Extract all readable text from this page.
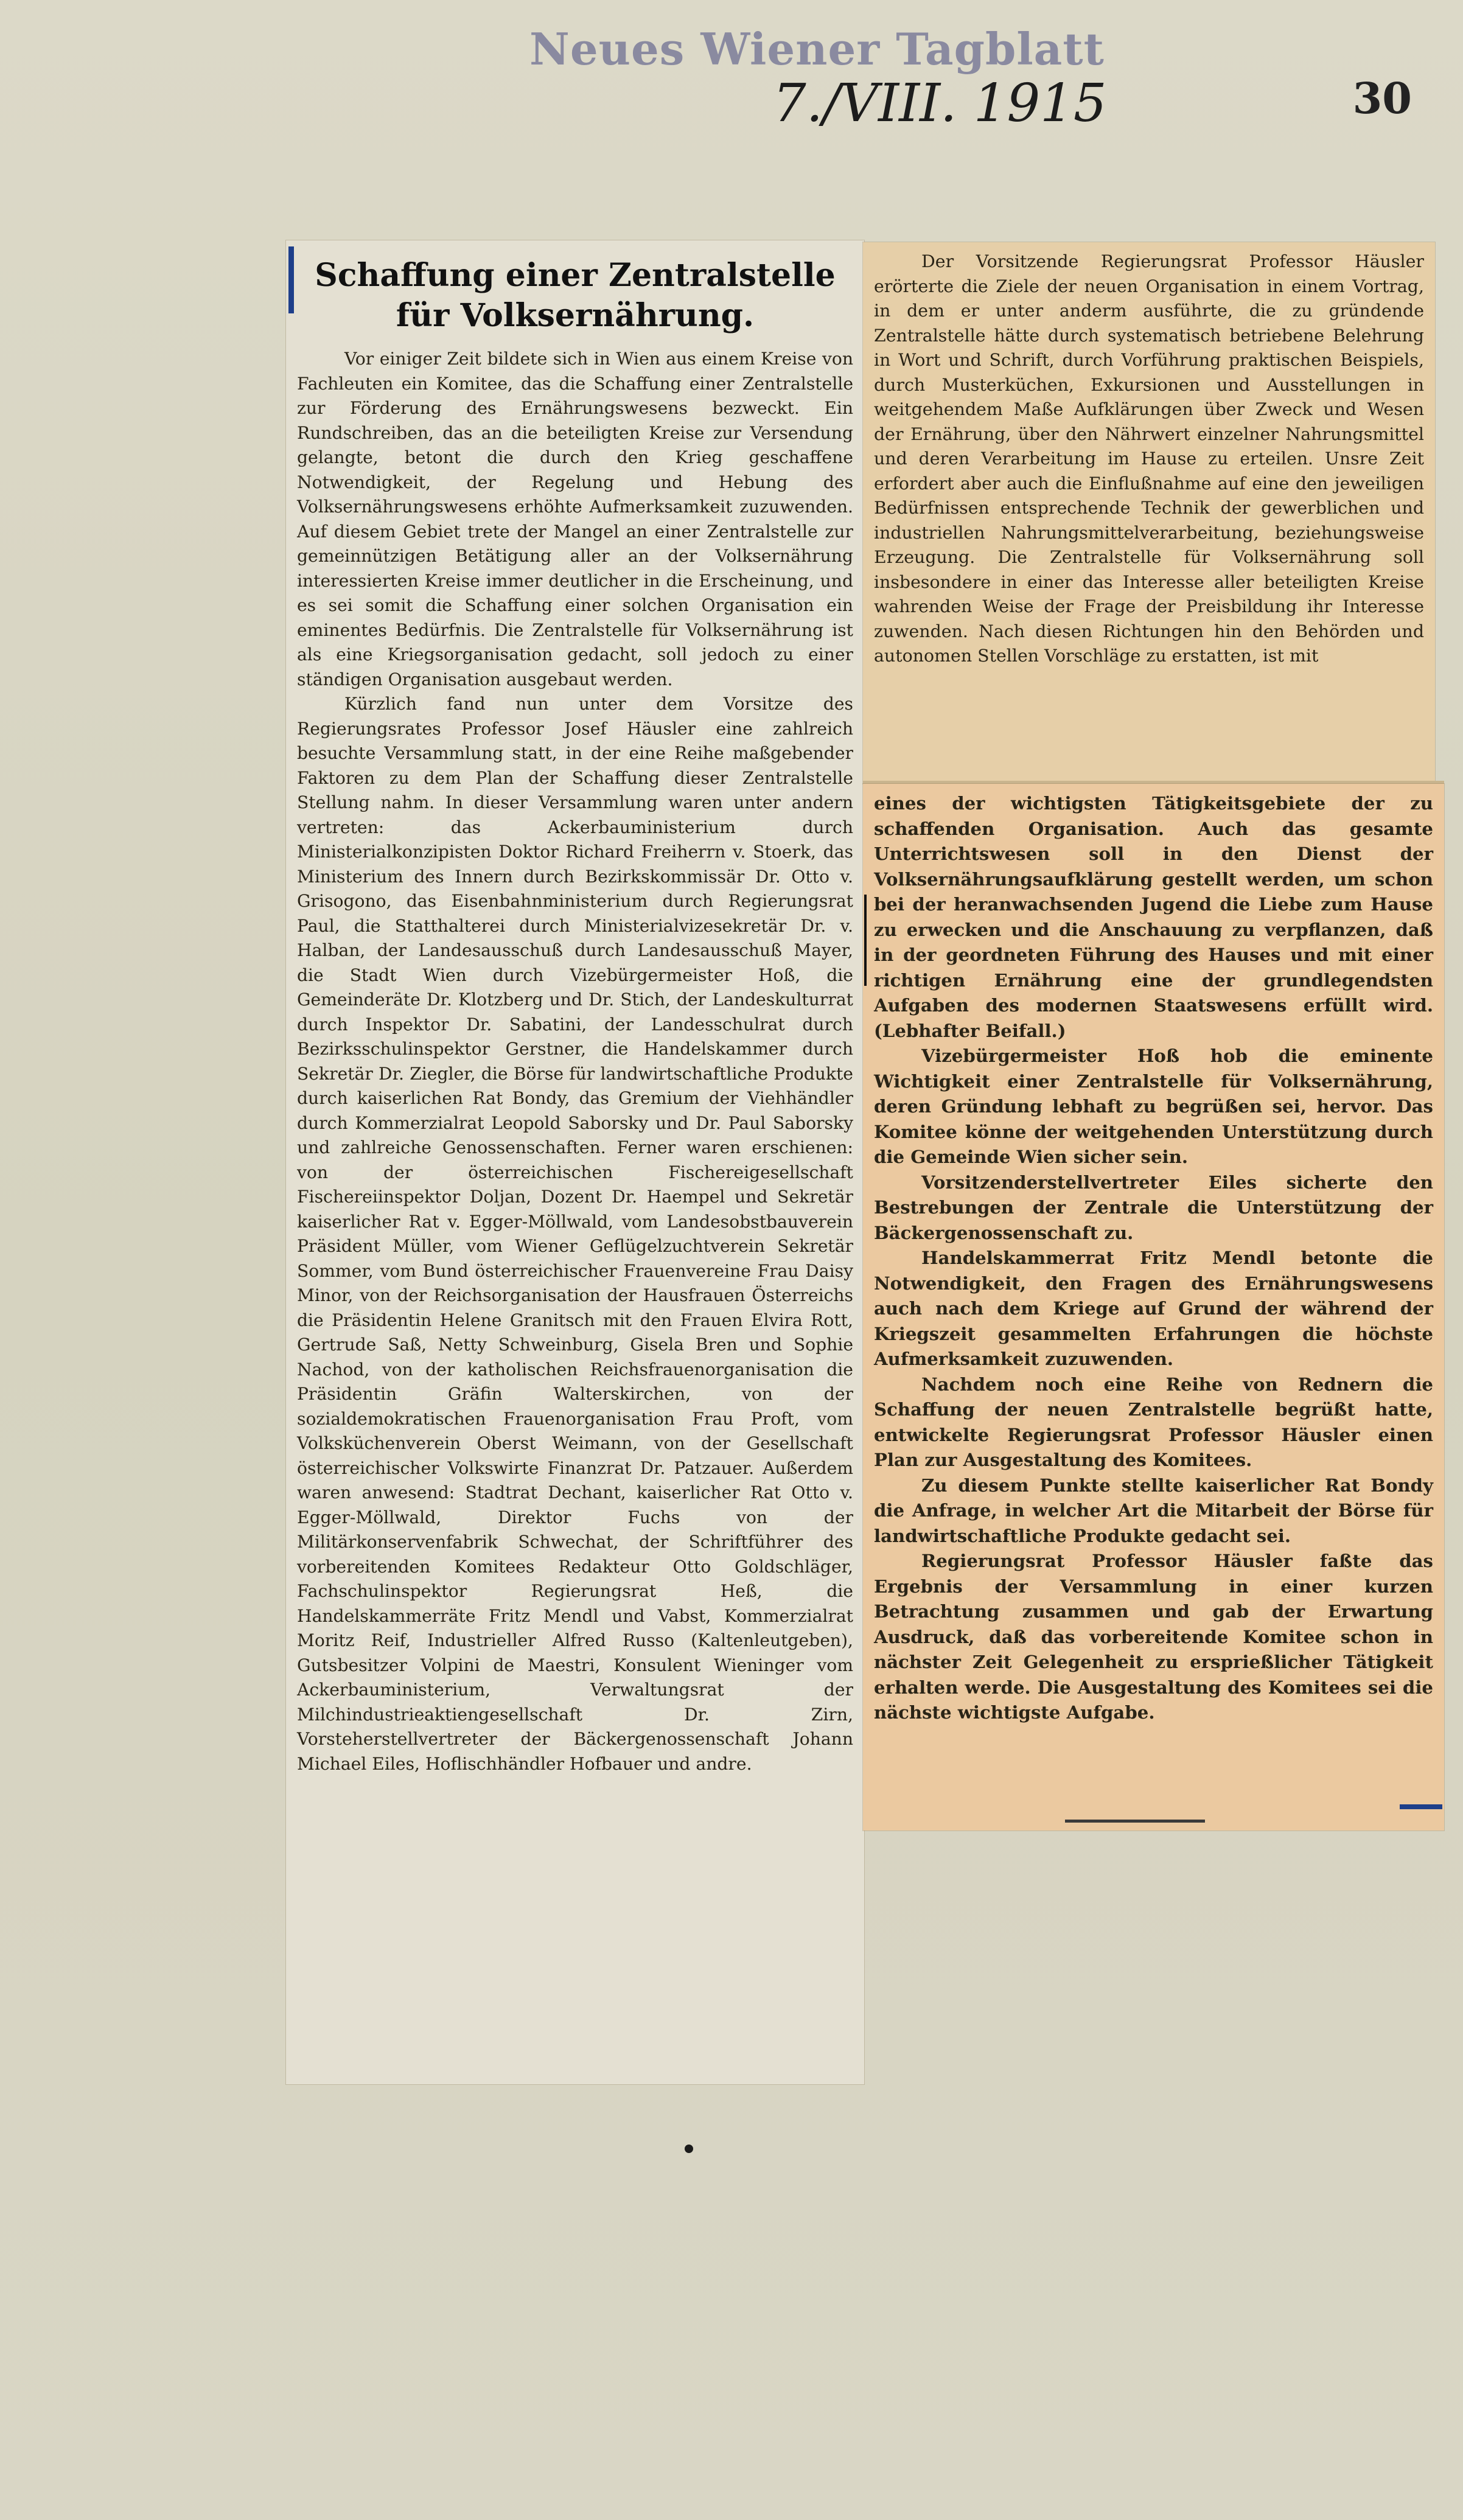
Neues Wiener Tagblatt
7./VIII. 1915	30
Schaffung einer Zentralstelle für Volksernährung.

Vor einiger Zeit bildete sich in Wien aus einem Kreise von Fachleuten ein Komitee, das die Schaffung einer Zentralstelle zur Förderung des Ernährungswesens bezweckt. Ein Rundschreiben, das an die beteiligten Kreise zur Versendung gelangte, betont die durch den Krieg geschaffene Notwendigkeit, der Regelung und Hebung des Volksernährungswesens erhöhte Aufmerksamkeit zuzuwenden. Auf diesem Gebiet trete der Mangel an einer Zentralstelle zur gemeinnützigen Betätigung aller an der Volksernährung interessierten Kreise immer deutlicher in die Erscheinung, und es sei somit die Schaffung einer solchen Organisation ein eminentes Bedürfnis. Die Zentralstelle für Volksernährung ist als eine Kriegsorganisation gedacht, soll jedoch zu einer ständigen Organisation ausgebaut werden.

Kürzlich fand nun unter dem Vorsitze des Regierungsrates Professor Josef Häusler eine zahlreich besuchte Versammlung statt, in der eine Reihe maßgebender Faktoren zu dem Plan der Schaffung dieser Zentralstelle Stellung nahm. In dieser Versammlung waren unter andern vertreten: das Ackerbauministerium durch Ministerialkonzipisten Doktor Richard Freiherrn v. Stoerk, das Ministerium des Innern durch Bezirkskommissär Dr. Otto v. Grisogono, das Eisenbahnministerium durch Regierungsrat Paul, die Statthalterei durch Ministerialvizesekretär Dr. v. Halban, der Landesausschuß durch Landesausschuß Mayer, die Stadt Wien durch Vizebürgermeister Hoß, die Gemeinderäte Dr. Klotzberg und Dr. Stich, der Landeskulturrat durch Inspektor Dr. Sabatini, der Landesschulrat durch Bezirksschulinspektor Gerstner, die Handelskammer durch Sekretär Dr. Ziegler, die Börse für landwirtschaftliche Produkte durch kaiserlichen Rat Bondy, das Gremium der Viehhändler durch Kommerzialrat Leopold Saborsky und Dr. Paul Saborsky und zahlreiche Genossenschaften. Ferner waren erschienen: von der österreichischen Fischereigesellschaft Fischereiinspektor Doljan, Dozent Dr. Haempel und Sekretär kaiserlicher Rat v. Egger-Möllwald, vom Landesobstbauverein Präsident Müller, vom Wiener Geflügelzuchtverein Sekretär Sommer, vom Bund österreichischer Frauenvereine Frau Daisy Minor, von der Reichsorganisation der Hausfrauen Österreichs die Präsidentin Helene Granitsch mit den Frauen Elvira Rott, Gertrude Saß, Netty Schweinburg, Gisela Bren und Sophie Nachod, von der katholischen Reichsfrauenorganisation die Präsidentin Gräfin Walterskirchen, von der sozialdemokratischen Frauenorganisation Frau Proft, vom Volksküchenverein Oberst Weimann, von der Gesellschaft österreichischer Volkswirte Finanzrat Dr. Patzauer. Außerdem waren anwesend: Stadtrat Dechant, kaiserlicher Rat Otto v. Egger-Möllwald, Direktor Fuchs von der Militärkonservenfabrik Schwechat, der Schriftführer des vorbereitenden Komitees Redakteur Otto Goldschläger, Fachschulinspektor Regierungsrat Heß, die Handelskammerräte Fritz Mendl und Vabst, Kommerzialrat Moritz Reif, Industrieller Alfred Russo (Kaltenleutgeben), Gutsbesitzer Volpini de Maestri, Konsulent Wieninger vom Ackerbauministerium, Verwaltungsrat der Milchindustrieaktiengesellschaft Dr. Zirn, Vorsteherstellvertreter der Bäckergenossenschaft Johann Michael Eiles, Hoflischhändler Hofbauer und andre.

Der Vorsitzende Regierungsrat Professor Häusler erörterte die Ziele der neuen Organisation in einem Vortrag, in dem er unter anderm ausführte, die zu gründende Zentralstelle hätte durch systematisch betriebene Belehrung in Wort und Schrift, durch Vorführung praktischen Beispiels, durch Musterküchen, Exkursionen und Ausstellungen in weitgehendem Maße Aufklärungen über Zweck und Wesen der Ernährung, über den Nährwert einzelner Nahrungsmittel und deren Verarbeitung im Hause zu erteilen. Unsre Zeit erfordert aber auch die Einflußnahme auf eine den jeweiligen Bedürfnissen entsprechende Technik der gewerblichen und industriellen Nahrungsmittelverarbeitung, beziehungsweise Erzeugung. Die Zentralstelle für Volksernährung soll insbesondere in einer das Interesse aller beteiligten Kreise wahrenden Weise der Frage der Preisbildung ihr Interesse zuwenden. Nach diesen Richtungen hin den Behörden und autonomen Stellen Vorschläge zu erstatten, ist mit

eines der wichtigsten Tätigkeitsgebiete der zu schaffenden Organisation. Auch das gesamte Unterrichtswesen soll in den Dienst der Volksernährungsaufklärung gestellt werden, um schon bei der heranwachsenden Jugend die Liebe zum Hause zu erwecken und die Anschauung zu verpflanzen, daß in der geordneten Führung des Hauses und mit einer richtigen Ernährung eine der grundlegendsten Aufgaben des modernen Staatswesens erfüllt wird. (Lebhafter Beifall.)

Vizebürgermeister Hoß hob die eminente Wichtigkeit einer Zentralstelle für Volksernährung, deren Gründung lebhaft zu begrüßen sei, hervor. Das Komitee könne der weitgehenden Unterstützung durch die Gemeinde Wien sicher sein.

Vorsitzenderstellvertreter Eiles sicherte den Bestrebungen der Zentrale die Unterstützung der Bäckergenossenschaft zu.

Handelskammerrat Fritz Mendl betonte die Notwendigkeit, den Fragen des Ernährungswesens auch nach dem Kriege auf Grund der während der Kriegszeit gesammelten Erfahrungen die höchste Aufmerksamkeit zuzuwenden.

Nachdem noch eine Reihe von Rednern die Schaffung der neuen Zentralstelle begrüßt hatte, entwickelte Regierungsrat Professor Häusler einen Plan zur Ausgestaltung des Komitees.

Zu diesem Punkte stellte kaiserlicher Rat Bondy die Anfrage, in welcher Art die Mitarbeit der Börse für landwirtschaftliche Produkte gedacht sei.

Regierungsrat Professor Häusler faßte das Ergebnis der Versammlung in einer kurzen Betrachtung zusammen und gab der Erwartung Ausdruck, daß das vorbereitende Komitee schon in nächster Zeit Gelegenheit zu ersprießlicher Tätigkeit erhalten werde. Die Ausgestaltung des Komitees sei die nächste wichtigste Aufgabe.
